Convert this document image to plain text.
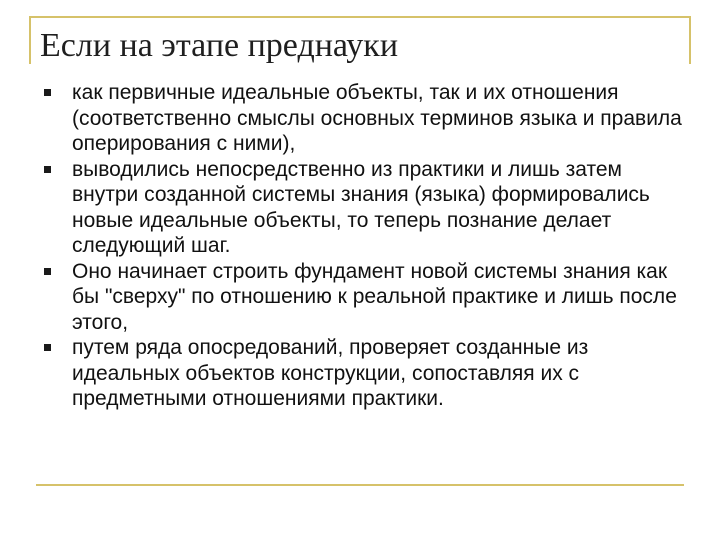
Если на этапе преднауки
как первичные идеальные объекты, так и их отношения (соответственно смыслы основных терминов языка и правила оперирования с ними),
выводились непосредственно из практики и лишь затем внутри созданной системы знания (языка) формировались новые идеальные объекты, то теперь познание делает следующий шаг.
Оно начинает строить фундамент новой системы знания как бы "сверху" по отношению к реальной практике и лишь после этого,
путем ряда опосредований, проверяет созданные из идеальных объектов конструкции, сопоставляя их с предметными отношениями практики.
